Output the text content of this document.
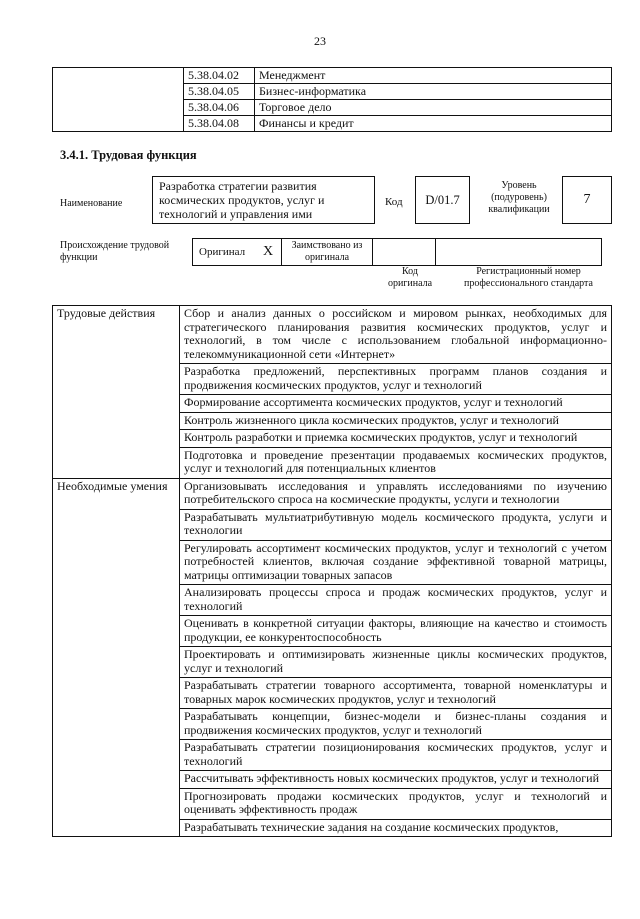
23
	5.38.04.02	Менеджмент
	5.38.04.05	Бизнес-информатика
	5.38.04.06	Торговое дело
	5.38.04.08	Финансы и кредит
3.4.1. Трудовая функция
Наименование
Разработка стратегии развития космических продуктов, услуг и технологий и управления ими
Код	D/01.7
Уровень (подуровень) квалификации
7
Происхождение трудовой функции	Оригинал	X	Заимствовано из оригинала		
Код оригинала
Регистрационный номер профессионального стандарта
Трудовые действия	Сбор и анализ данных о российском и мировом рынках, необходимых для стратегического планирования развития космических продуктов, услуг и технологий, в том числе с использованием глобальной информационно-телекоммуникационной сети «Интернет»
	Разработка предложений, перспективных программ планов создания и продвижения космических продуктов, услуг и технологий
	Формирование ассортимента космических продуктов, услуг и технологий
	Контроль жизненного цикла космических продуктов, услуг и технологий
	Контроль разработки и приемка космических продуктов, услуг и технологий
	Подготовка и проведение презентации продаваемых космических продуктов, услуг и технологий для потенциальных клиентов
Необходимые умения	Организовывать исследования и управлять исследованиями по изучению потребительского спроса на космические продукты, услуги и технологии
	Разрабатывать мультиатрибутивную модель космического продукта, услуги и технологии
	Регулировать ассортимент космических продуктов, услуг и технологий с учетом потребностей клиентов, включая создание эффективной товарной матрицы, матрицы оптимизации товарных запасов
	Анализировать процессы спроса и продаж космических продуктов, услуг и технологий
	Оценивать в конкретной ситуации факторы, влияющие на качество и стоимость продукции, ее конкурентоспособность
	Проектировать и оптимизировать жизненные циклы космических продуктов, услуг и технологий
	Разрабатывать стратегии товарного ассортимента, товарной номенклатуры и товарных марок космических продуктов, услуг и технологий
	Разрабатывать концепции, бизнес-модели и бизнес-планы создания и продвижения космических продуктов, услуг и технологий
	Разрабатывать стратегии позиционирования космических продуктов, услуг и технологий
	Рассчитывать эффективность новых космических продуктов, услуг и технологий
	Прогнозировать продажи космических продуктов, услуг и технологий и оценивать эффективность продаж
	Разрабатывать технические задания на создание космических продуктов,
